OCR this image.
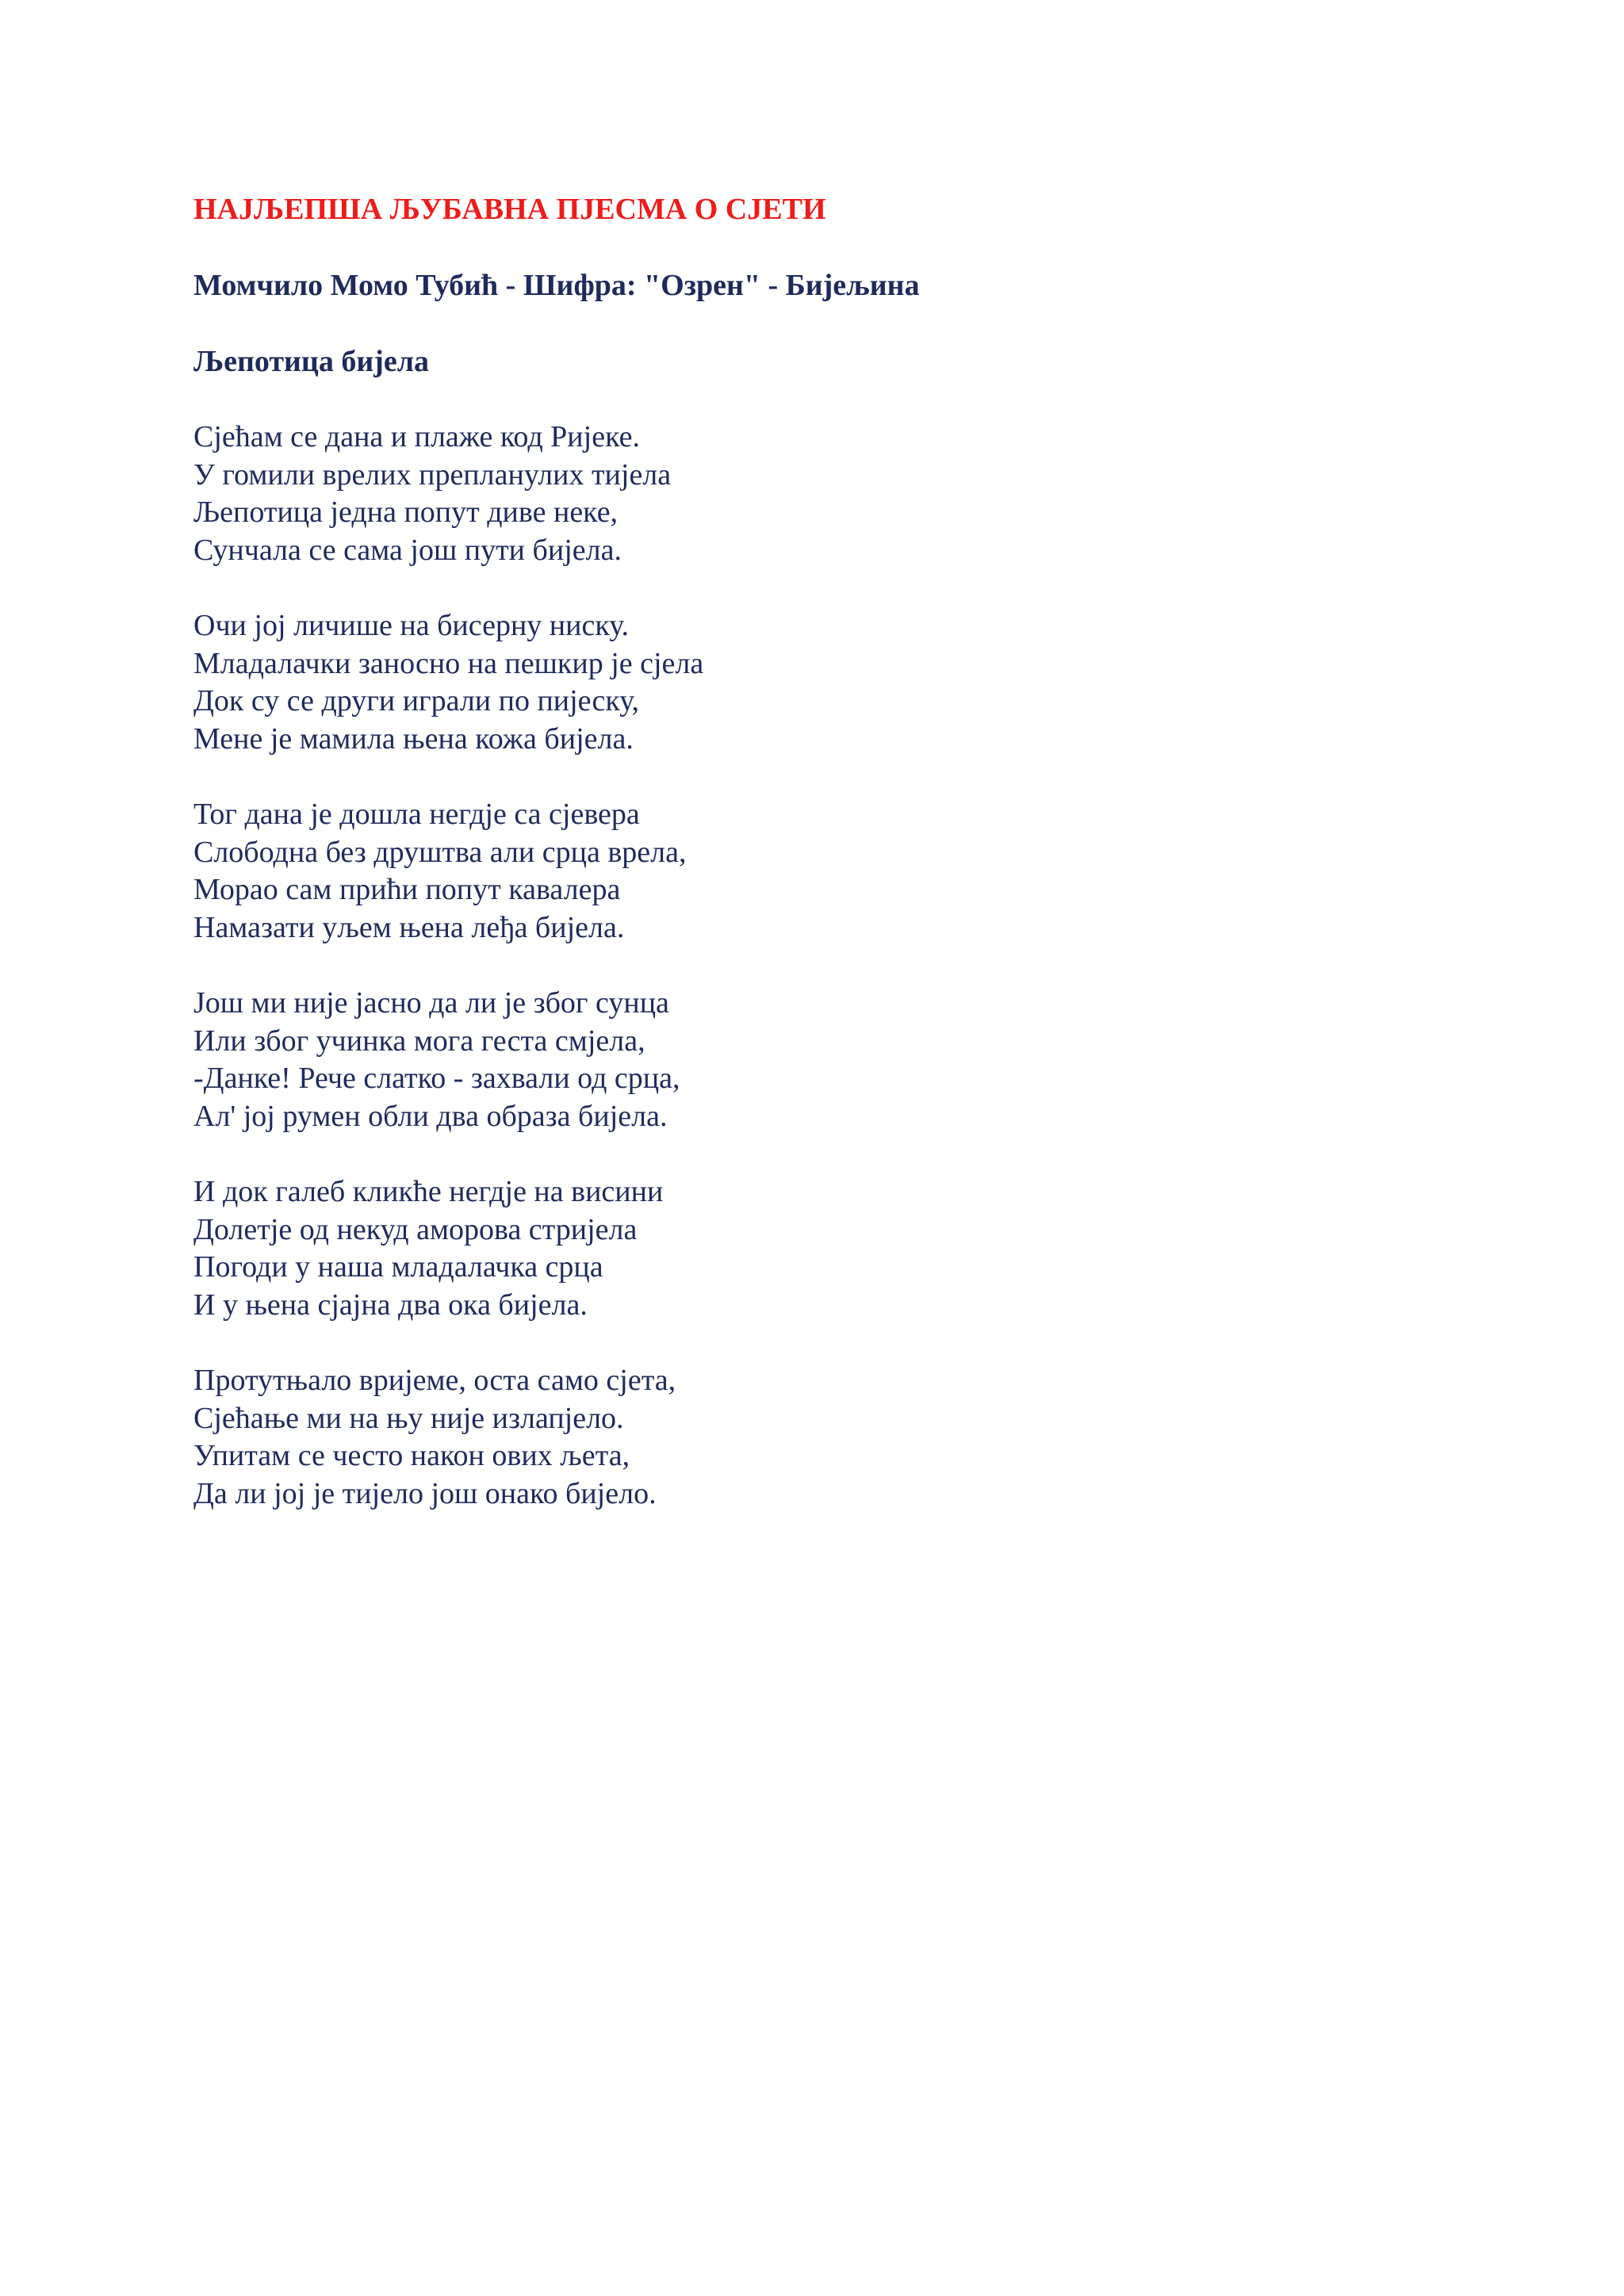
НАЈЉЕПША ЉУБАВНА ПЈЕСМА О СЈЕТИ
Момчило Момо Тубић - Шифра: "Озрен" - Бијељина
Љепотица бијела
Сјећам се дана и плаже код Ријеке.
У гомили врелих препланулих тијела
Љепотица једна попут диве неке,
Сунчала се сама још пути бијела.
Очи јој личише на бисерну ниску.
Младалачки заносно на пешкир је сјела
Док су се други играли по пијеску,
Мене је мамила њена кожа бијела.
Тог дана је дошла негдје са сјевера
Слободна без друштва али срца врела,
Морао сам прићи попут кавалера
Намазати уљем њена леђа бијела.
Још ми није јасно да ли је због сунца
Или због учинка мога геста смјела,
-Данке! Рече слатко - захвали од срца,
Ал' јој румен обли два образа бијела.
И док галеб кликће негдје на висини
Долетје од некуд аморова стријела
Погоди у наша младалачка срца
И у њена сјајна два ока бијела.
Протутњало вријеме, оста само сјета,
Сјећање ми на њу није излапјело.
Упитам се често након ових љета,
Да ли јој је тијело још онако бијело.
